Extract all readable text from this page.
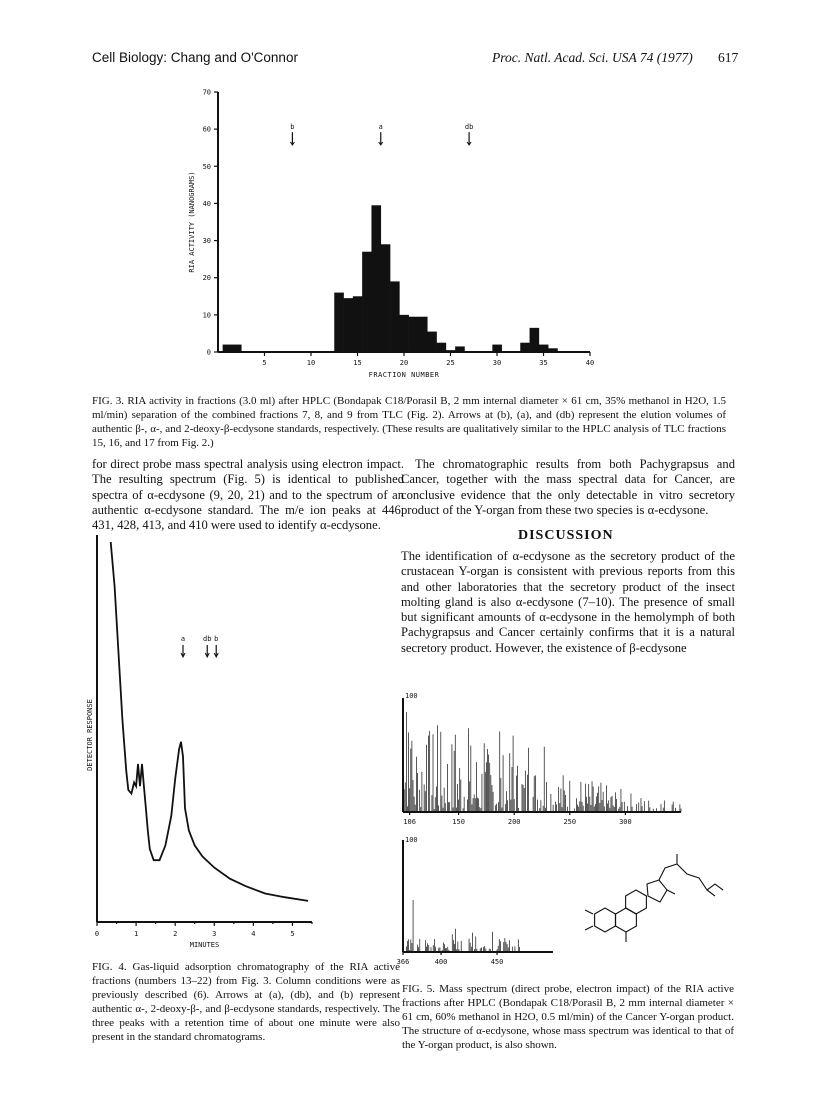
Cell Biology: Chang and O'Connor	Proc. Natl. Acad. Sci. USA 74 (1977) 617
0
10
20
30
40
50
60
70
5	10	15	20	25	30	35	40
FRACTION NUMBER
RIA ACTIVITY (NANOGRAMS)
b	a	db
FIG. 3. RIA activity in fractions (3.0 ml) after HPLC (Bondapak C18/Porasil B, 2 mm internal diameter × 61 cm, 35% methanol in H2O, 1.5 ml/min) separation of the combined fractions 7, 8, and 9 from TLC (Fig. 2). Arrows at (b), (a), and (db) represent the elution volumes of authentic β-, α-, and 2-deoxy-β-ecdysone standards, respectively. (These results are qualitatively similar to the HPLC analysis of TLC fractions 15, 16, and 17 from Fig. 2.)
for direct probe mass spectral analysis using electron impact. The resulting spectrum (Fig. 5) is identical to published spectra of α-ecdysone (9, 20, 21) and to the spectrum of an authentic α-ecdysone standard. The m/e ion peaks at 446, 431, 428, 413, and 410 were used to identify α-ecdysone.
The chromatographic results from both Pachygrapsus and Cancer, together with the mass spectral data for Cancer, are conclusive evidence that the only detectable in vitro secretory product of the Y-organ from these two species is α-ecdysone.
DISCUSSION
The identification of α-ecdysone as the secretory product of the crustacean Y-organ is consistent with previous reports from this and other laboratories that the secretory product of the insect molting gland is also α-ecdysone (7–10). The presence of small but significant amounts of α-ecdysone in the hemolymph of both Pachygrapsus and Cancer certainly confirms that it is a natural secretory product. However, the existence of β-ecdysone
0	1	2	3	4	5
MINUTES
DETECTOR RESPONSE
a	db b
FIG. 4. Gas-liquid adsorption chromatography of the RIA active fractions (numbers 13–22) from Fig. 3. Column conditions were as previously described (6). Arrows at (a), (db), and (b) represent authentic α-, 2-deoxy-β-, and β-ecdysone standards, respectively. The three peaks with a retention time of about one minute were also present in the standard chromatograms.
100
106	150	200	250	300
100
366	400	450
FIG. 5. Mass spectrum (direct probe, electron impact) of the RIA active fractions after HPLC (Bondapak C18/Porasil B, 2 mm internal diameter × 61 cm, 60% methanol in H2O, 0.5 ml/min) of the Cancer Y-organ product. The structure of α-ecdysone, whose mass spectrum was identical to that of the Y-organ product, is also shown.
